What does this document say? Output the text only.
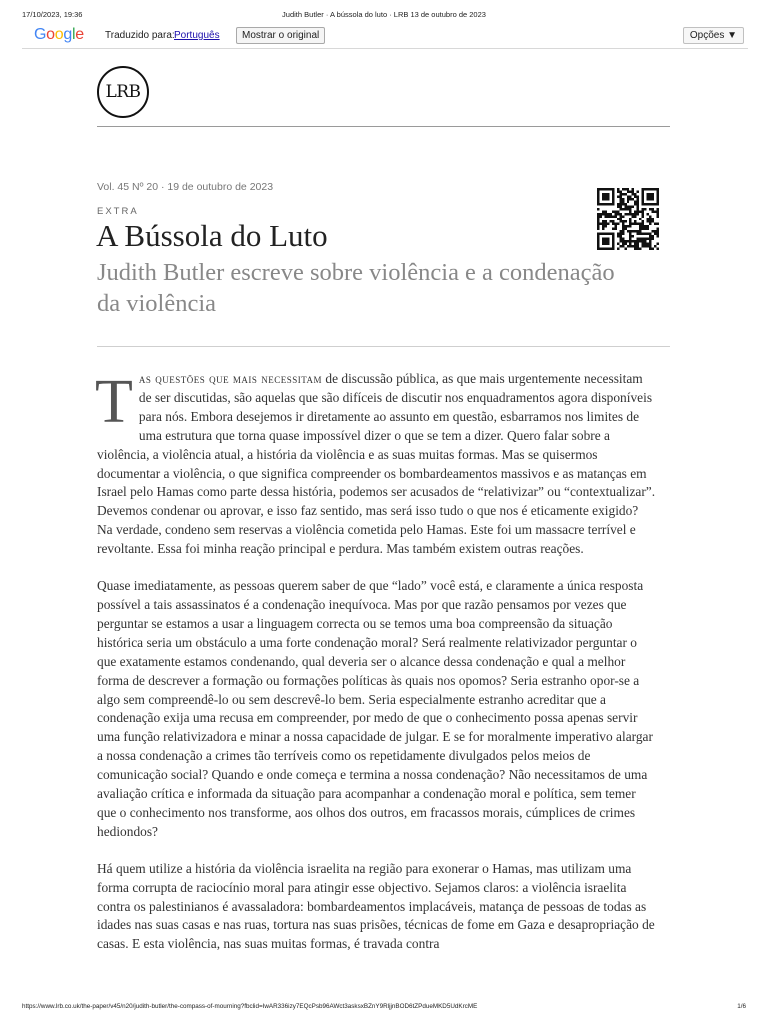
17/10/2023, 19:36	Judith Butler · A bússola do luto · LRB 13 de outubro de 2023
Google Traduzido para: Português	Mostrar o original	Opções ▼
LRB
Vol. 45 Nº 20 · 19 de outubro de 2023
EXTRA
A Bússola do Luto
Judith Butler escreve sobre violência e a condenação da violência

Tas questões que mais necessitam de discussão pública, as que mais urgentemente necessitam de ser discutidas, são aquelas que são difíceis de discutir nos enquadramentos agora disponíveis para nós. Embora desejemos ir diretamente ao assunto em questão, esbarramos nos limites de uma estrutura que torna quase impossível dizer o que se tem a dizer. Quero falar sobre a violência, a violência atual, a história da violência e as suas muitas formas. Mas se quisermos documentar a violência, o que significa compreender os bombardeamentos massivos e as matanças em Israel pelo Hamas como parte dessa história, podemos ser acusados de “relativizar” ou “contextualizar”. Devemos condenar ou aprovar, e isso faz sentido, mas será isso tudo o que nos é eticamente exigido? Na verdade, condeno sem reservas a violência cometida pelo Hamas. Este foi um massacre terrível e revoltante. Essa foi minha reação principal e perdura. Mas também existem outras reações.

Quase imediatamente, as pessoas querem saber de que “lado” você está, e claramente a única resposta possível a tais assassinatos é a condenação inequívoca. Mas por que razão pensamos por vezes que perguntar se estamos a usar a linguagem correcta ou se temos uma boa compreensão da situação histórica seria um obstáculo a uma forte condenação moral? Será realmente relativizador perguntar o que exatamente estamos condenando, qual deveria ser o alcance dessa condenação e qual a melhor forma de descrever a formação ou formações políticas às quais nos opomos? Seria estranho opor-se a algo sem compreendê-lo ou sem descrevê-lo bem. Seria especialmente estranho acreditar que a condenação exija uma recusa em compreender, por medo de que o conhecimento possa apenas servir uma função relativizadora e minar a nossa capacidade de julgar. E se for moralmente imperativo alargar a nossa condenação a crimes tão terríveis como os repetidamente divulgados pelos meios de comunicação social? Quando e onde começa e termina a nossa condenação? Não necessitamos de uma avaliação crítica e informada da situação para acompanhar a condenação moral e política, sem temer que o conhecimento nos transforme, aos olhos dos outros, em fracassos morais, cúmplices de crimes hediondos?

Há quem utilize a história da violência israelita na região para exonerar o Hamas, mas utilizam uma forma corrupta de raciocínio moral para atingir esse objectivo. Sejamos claros: a violência israelita contra os palestinianos é avassaladora: bombardeamentos implacáveis, matança de pessoas de todas as idades nas suas casas e nas ruas, tortura nas suas prisões, técnicas de fome em Gaza e desapropriação de casas. E esta violência, nas suas muitas formas, é travada contra

https://www.lrb.co.uk/the-paper/v45/n20/judith-butler/the-compass-of-mourning?fbclid=IwAR336izy7EQcPsb96AWct3asksxBZnY9RljjnBOD6tZPdueMKD5UdKrcME	1/6
